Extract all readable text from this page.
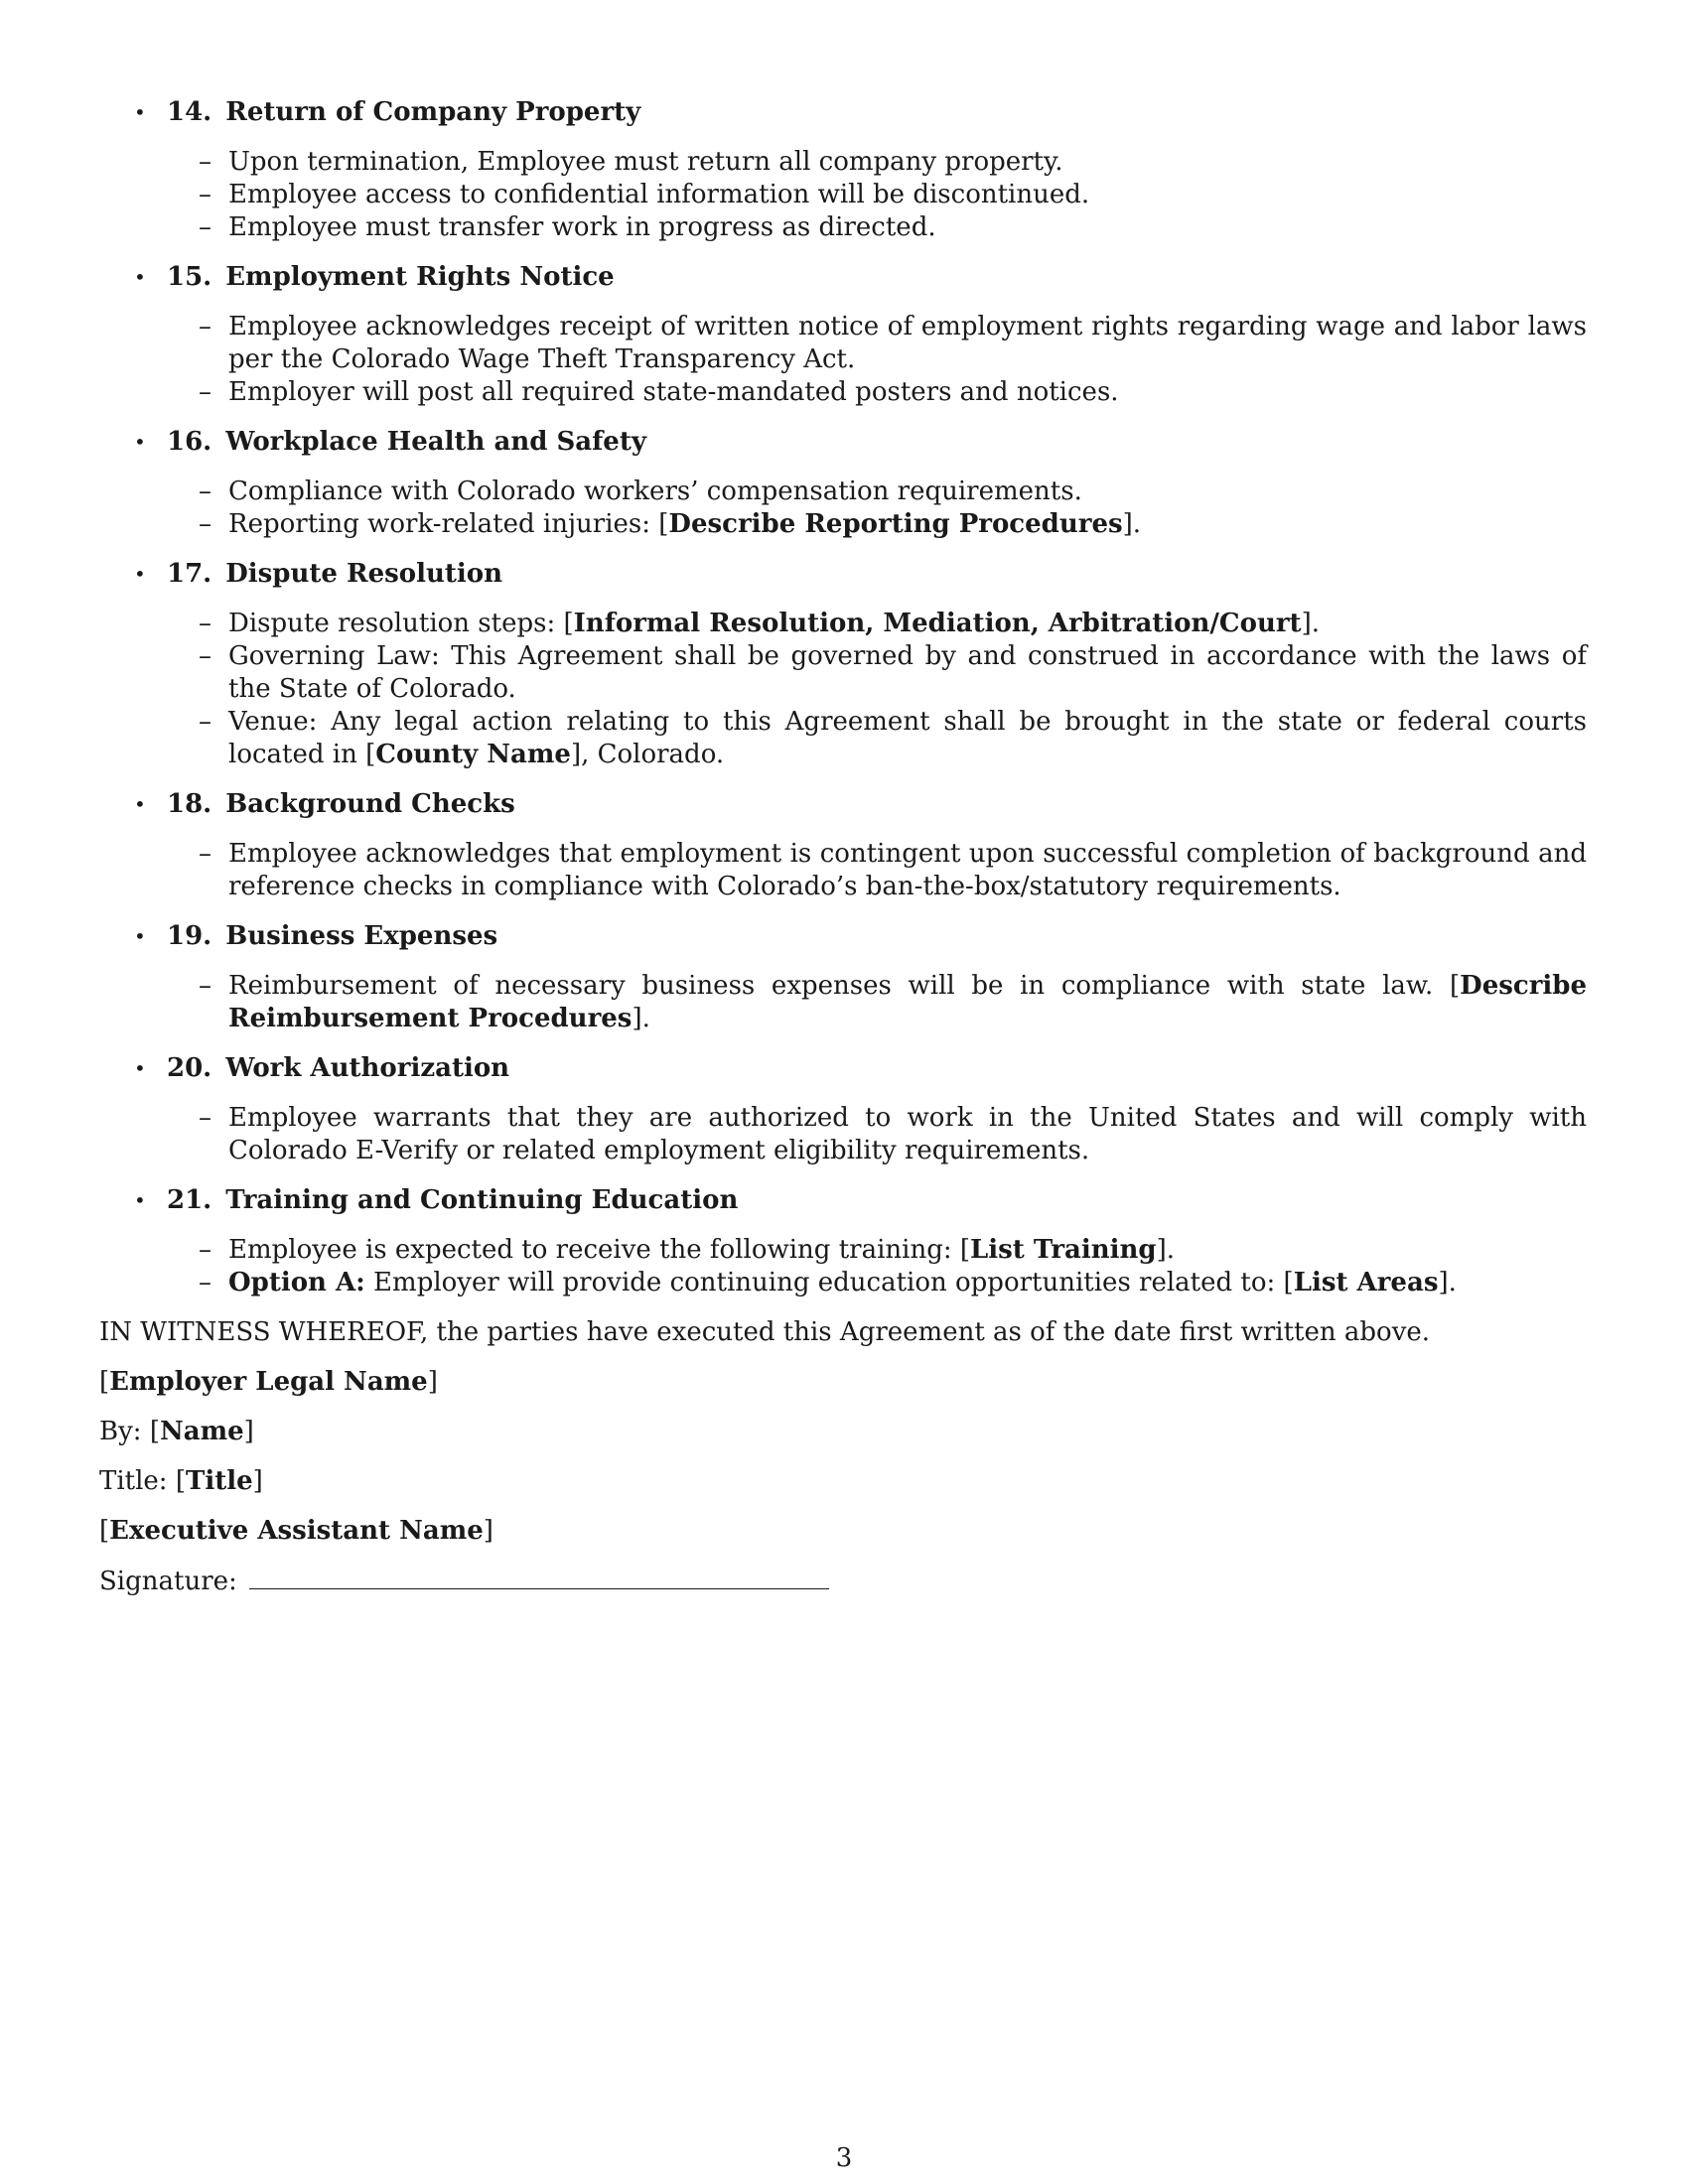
• 14. Return of Company Property

– Upon termination, Employee must return all company property.
– Employee access to confidential information will be discontinued.
– Employee must transfer work in progress as directed.
• 15. Employment Rights Notice

– Employee acknowledges receipt of written notice of employment rights regarding wage and labor laws per the Colorado Wage Theft Transparency Act.
– Employer will post all required state-mandated posters and notices.
• 16. Workplace Health and Safety

– Compliance with Colorado workers’ compensation requirements.
– Reporting work-related injuries: [Describe Reporting Procedures].
• 17. Dispute Resolution

– Dispute resolution steps: [Informal Resolution, Mediation, Arbitration/Court].
– Governing Law: This Agreement shall be governed by and construed in accordance with the laws of the State of Colorado.
– Venue: Any legal action relating to this Agreement shall be brought in the state or federal courts located in [County Name], Colorado.
• 18. Background Checks

– Employee acknowledges that employment is contingent upon successful completion of background and reference checks in compliance with Colorado’s ban-the-box/statutory requirements.
• 19. Business Expenses

– Reimbursement of necessary business expenses will be in compliance with state law. [Describe Reimbursement Procedures].
• 20. Work Authorization

– Employee warrants that they are authorized to work in the United States and will comply with Colorado E-Verify or related employment eligibility requirements.
• 21. Training and Continuing Education

– Employee is expected to receive the following training: [List Training].
– Option A: Employer will provide continuing education opportunities related to: [List Areas].

IN WITNESS WHEREOF, the parties have executed this Agreement as of the date first written above.

[Employer Legal Name]

By: [Name]

Title: [Title]

[Executive Assistant Name]

Signature:

3
